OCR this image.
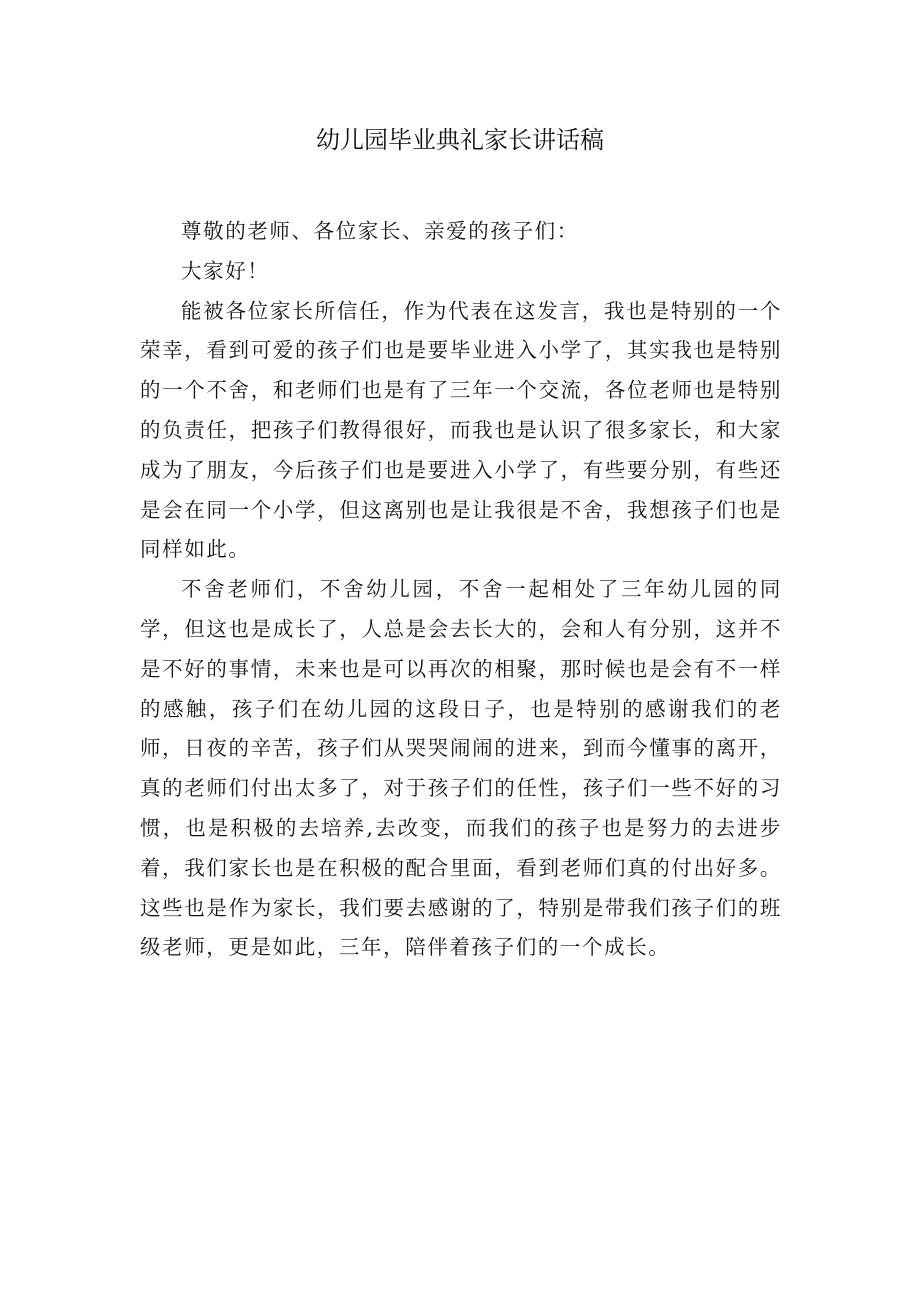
幼儿园毕业典礼家长讲话稿

尊敬的老师、各位家长、亲爱的孩子们：

大家好！

能被各位家长所信任，作为代表在这发言，我也是特别的一个荣幸，看到可爱的孩子们也是要毕业进入小学了，其实我也是特别的一个不舍，和老师们也是有了三年一个交流，各位老师也是特别的负责任，把孩子们教得很好，而我也是认识了很多家长，和大家成为了朋友，今后孩子们也是要进入小学了，有些要分别，有些还是会在同一个小学，但这离别也是让我很是不舍，我想孩子们也是同样如此。

不舍老师们，不舍幼儿园，不舍一起相处了三年幼儿园的同学，但这也是成长了，人总是会去长大的，会和人有分别，这并不是不好的事情，未来也是可以再次的相聚，那时候也是会有不一样的感触，孩子们在幼儿园的这段日子，也是特别的感谢我们的老师，日夜的辛苦，孩子们从哭哭闹闹的进来，到而今懂事的离开，真的老师们付出太多了，对于孩子们的任性，孩子们一些不好的习惯，也是积极的去培养,去改变，而我们的孩子也是努力的去进步着，我们家长也是在积极的配合里面，看到老师们真的付出好多。这些也是作为家长，我们要去感谢的了，特别是带我们孩子们的班级老师，更是如此，三年，陪伴着孩子们的一个成长。
